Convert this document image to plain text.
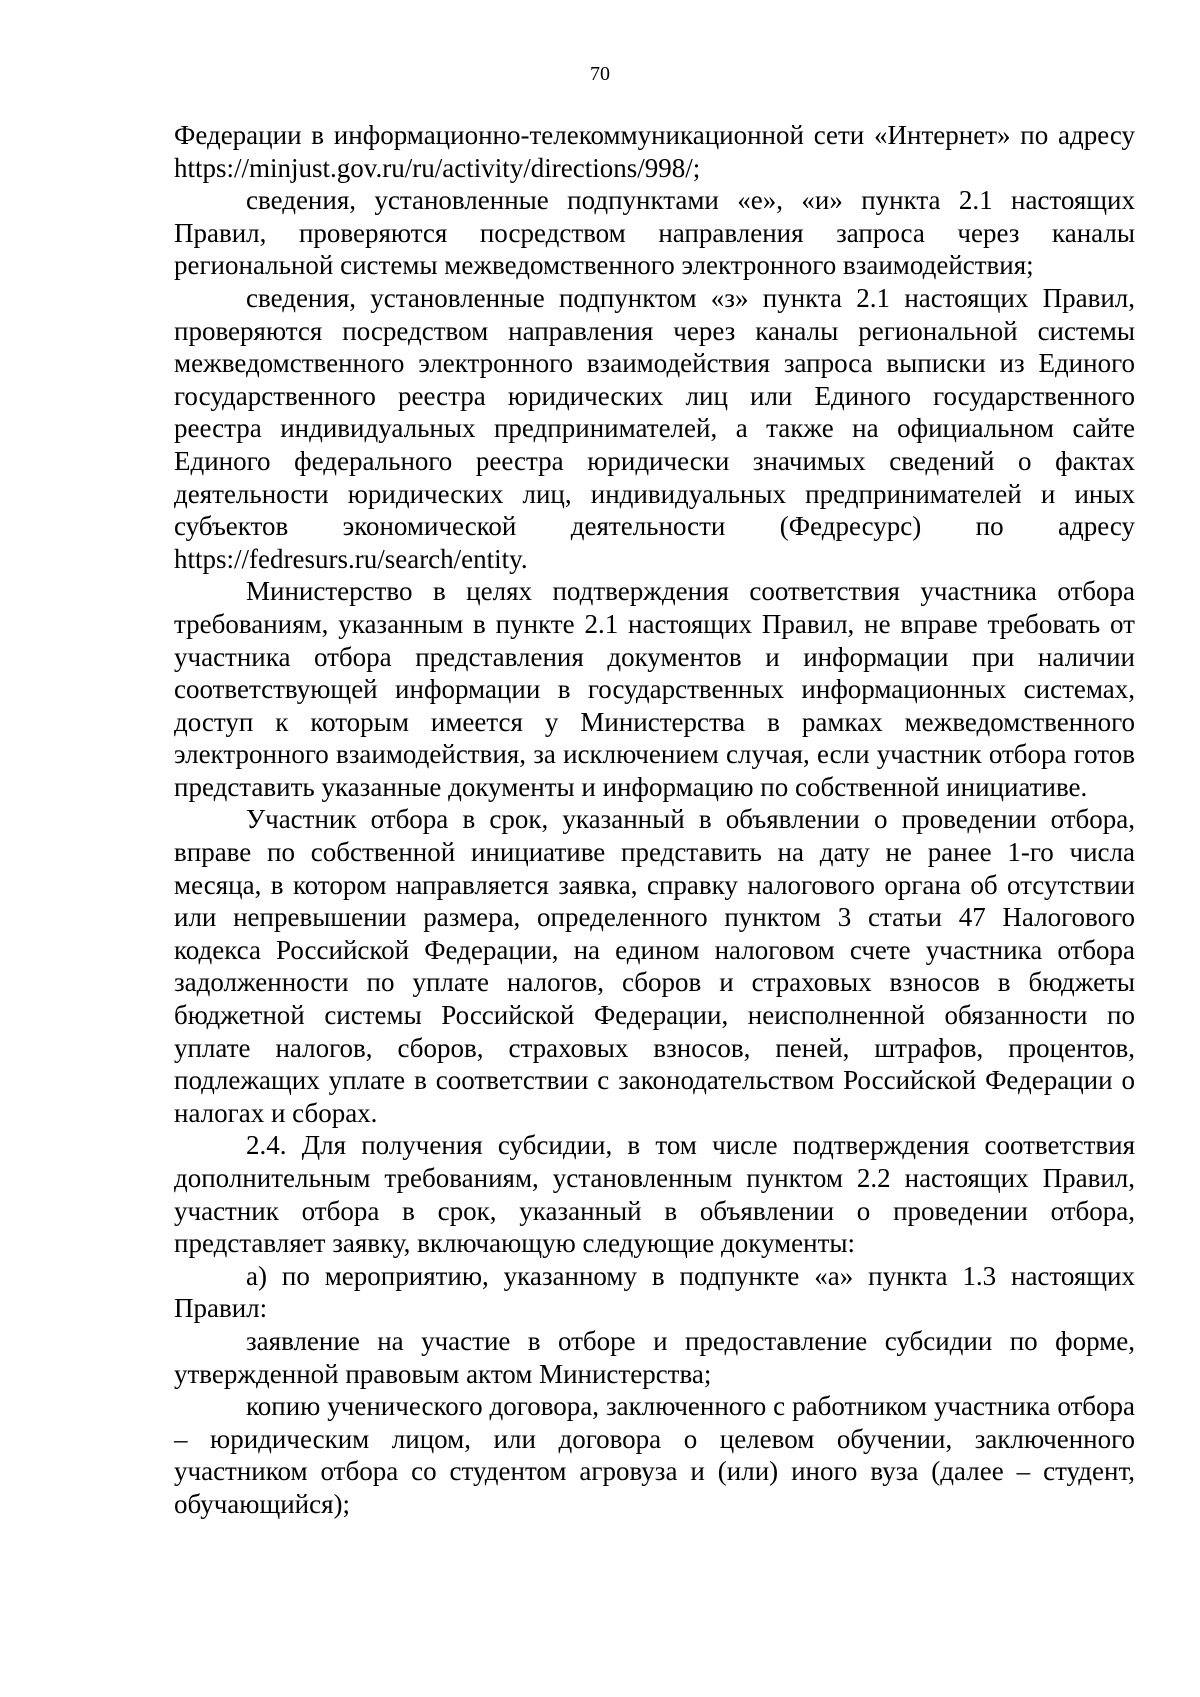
70

Федерации в информационно-телекоммуникационной сети «Интернет» по адресу https://minjust.gov.ru/ru/activity/directions/998/;

сведения, установленные подпунктами «е», «и» пункта 2.1 настоящих Правил, проверяются посредством направления запроса через каналы региональной системы межведомственного электронного взаимодействия;

сведения, установленные подпунктом «з» пункта 2.1 настоящих Правил, проверяются посредством направления через каналы региональной системы межведомственного электронного взаимодействия запроса выписки из Единого государственного реестра юридических лиц или Единого государственного реестра индивидуальных предпринимателей, а также на официальном сайте Единого федерального реестра юридически значимых сведений о фактах деятельности юридических лиц, индивидуальных предпринимателей и иных субъектов экономической деятельности (Федресурс) по адресу https://fedresurs.ru/search/entity.

Министерство в целях подтверждения соответствия участника отбора требованиям, указанным в пункте 2.1 настоящих Правил, не вправе требовать от участника отбора представления документов и информации при наличии соответствующей информации в государственных информационных системах, доступ к которым имеется у Министерства в рамках межведомственного электронного взаимодействия, за исключением случая, если участник отбора готов представить указанные документы и информацию по собственной инициативе.

Участник отбора в срок, указанный в объявлении о проведении отбора, вправе по собственной инициативе представить на дату не ранее 1-го числа месяца, в котором направляется заявка, справку налогового органа об отсутствии или непревышении размера, определенного пунктом 3 статьи 47 Налогового кодекса Российской Федерации, на едином налоговом счете участника отбора задолженности по уплате налогов, сборов и страховых взносов в бюджеты бюджетной системы Российской Федерации, неисполненной обязанности по уплате налогов, сборов, страховых взносов, пеней, штрафов, процентов, подлежащих уплате в соответствии с законодательством Российской Федерации о налогах и сборах.

2.4. Для получения субсидии, в том числе подтверждения соответствия дополнительным требованиям, установленным пунктом 2.2 настоящих Правил, участник отбора в срок, указанный в объявлении о проведении отбора, представляет заявку, включающую следующие документы:

а) по мероприятию, указанному в подпункте «а» пункта 1.3 настоящих Правил:

заявление на участие в отборе и предоставление субсидии по форме, утвержденной правовым актом Министерства;

копию ученического договора, заключенного с работником участника отбора – юридическим лицом, или договора о целевом обучении, заключенного участником отбора со студентом агровуза и (или) иного вуза (далее – студент, обучающийся);
